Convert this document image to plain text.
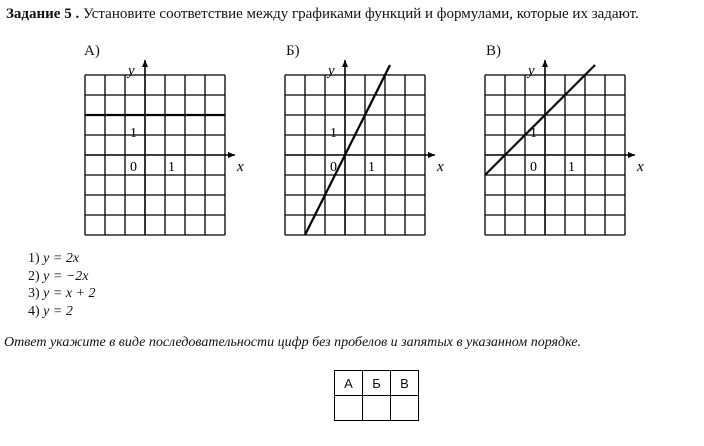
Задание 5 . Установите соответствие между графиками функций и формулами, которые их задают.
А)	Б)	В)
x
y
0 1
1
x
y
0 1
1
x
y
0 1
1
1) y = 2x
2) y = −2x
3) y = x + 2
4) y = 2
Ответ укажите в виде последовательности цифр без пробелов и запятых в указанном порядке.
А	Б	В
